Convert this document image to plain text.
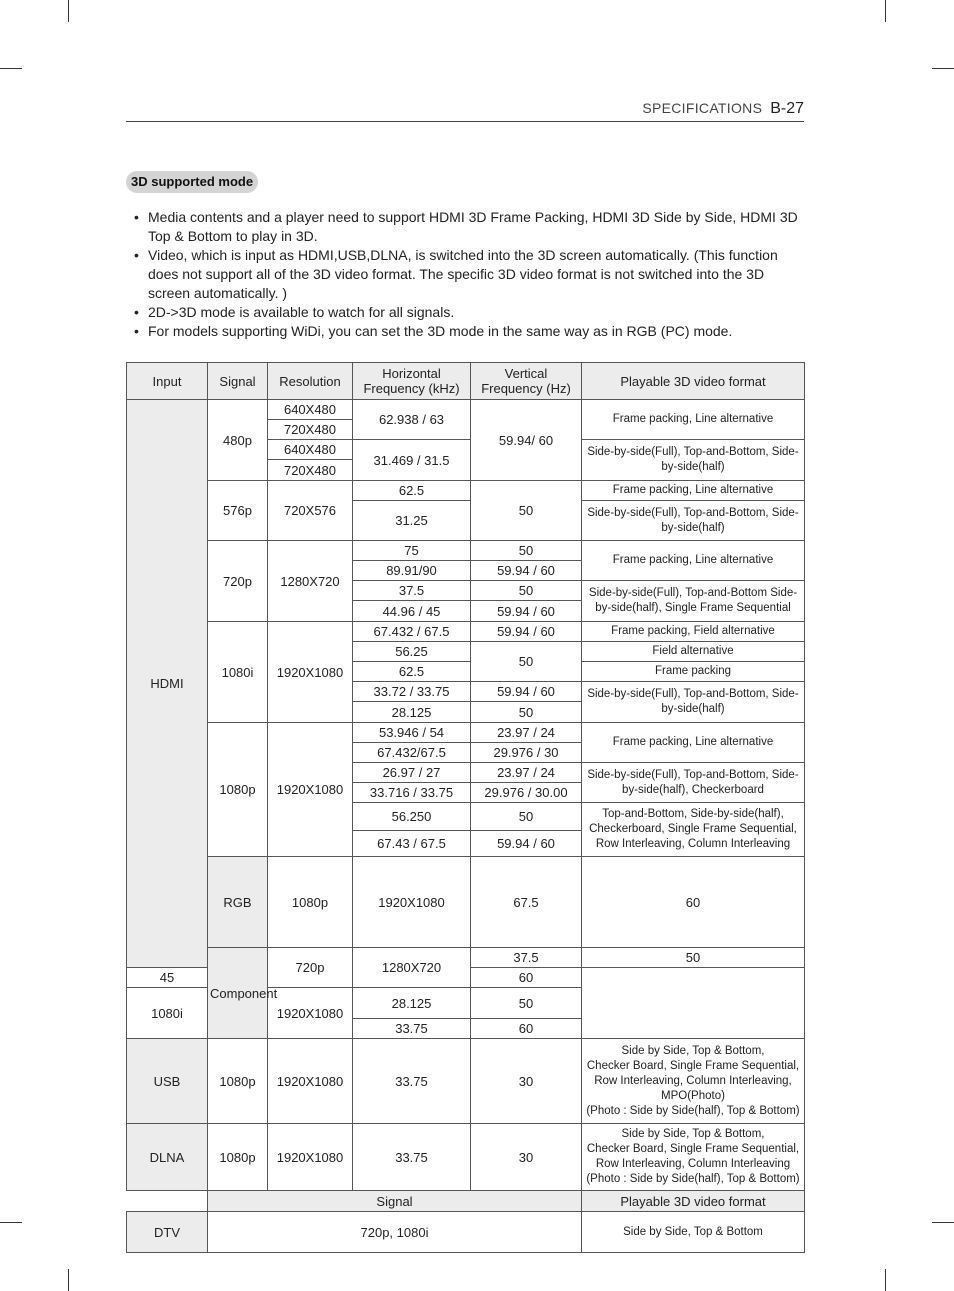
SPECIFICATIONS B-27
3D supported mode
• Media contents and a player need to support HDMI 3D Frame Packing, HDMI 3D Side by Side, HDMI 3D Top & Bottom to play in 3D.
• Video, which is input as HDMI,USB,DLNA, is switched into the 3D screen automatically. (This function does not support all of the 3D video format. The specific 3D video format is not switched into the 3D screen automatically. )
• 2D->3D mode is available to watch for all signals.
• For models supporting WiDi, you can set the 3D mode in the same way as in RGB (PC) mode.
Input	Signal	Resolution	Horizontal Frequency (kHz)	Vertical Frequency (Hz)	Playable 3D video format	
HDMI	480p	640X480	62.938 / 63	59.94/ 60	Frame packing, Line alternative	
		720X480				
		640X480	31.469 / 31.5		Side-by-side(Full), Top-and-Bottom, Side-by-side(half)	
		720X480				
	576p	720X576	62.5	50	Frame packing, Line alternative	
			31.25		Side-by-side(Full), Top-and-Bottom, Side-by-side(half)	
	720p	1280X720	75	50	Frame packing, Line alternative	
			89.91/90	59.94 / 60		
			37.5	50	Side-by-side(Full), Top-and-Bottom Side-by-side(half), Single Frame Sequential	
			44.96 / 45	59.94 / 60		
	1080i	1920X1080	67.432 / 67.5	59.94 / 60	Frame packing, Field alternative	
			56.25	50	Field alternative	
			62.5		Frame packing	
			33.72 / 33.75	59.94 / 60	Side-by-side(Full), Top-and-Bottom, Side-by-side(half)	
			28.125	50		
	1080p	1920X1080	53.946 / 54	23.97 / 24	Frame packing, Line alternative	
			67.432/67.5	29.976 / 30		
			26.97 / 27	23.97 / 24	Side-by-side(Full), Top-and-Bottom, Side-by-side(half), Checkerboard	
			33.716 / 33.75	29.976 / 30.00		
			56.250	50	Top-and-Bottom, Side-by-side(half), Checkerboard, Single Frame Sequential, Row Interleaving, Column Interleaving	
			67.43 / 67.5	59.94 / 60		
	RGB	1080p	1920X1080	67.5	60	
	Component	720p	1280X720	37.5	50	
45				60		
1080i		1920X1080	28.125	50		
			33.75	60		
USB	1080p	1920X1080	33.75	30	Side by Side, Top & Bottom,
Checker Board, Single Frame Sequential,
Row Interleaving, Column Interleaving,
MPO(Photo)
(Photo : Side by Side(half), Top & Bottom)	

DLNA	1080p	1920X1080	33.75	30	Side by Side, Top & Bottom,
Checker Board, Single Frame Sequential,
Row Interleaving, Column Interleaving
(Photo : Side by Side(half), Top & Bottom)	

	Signal				Playable 3D video format	
DTV	720p, 1080i				Side by Side, Top & Bottom	
